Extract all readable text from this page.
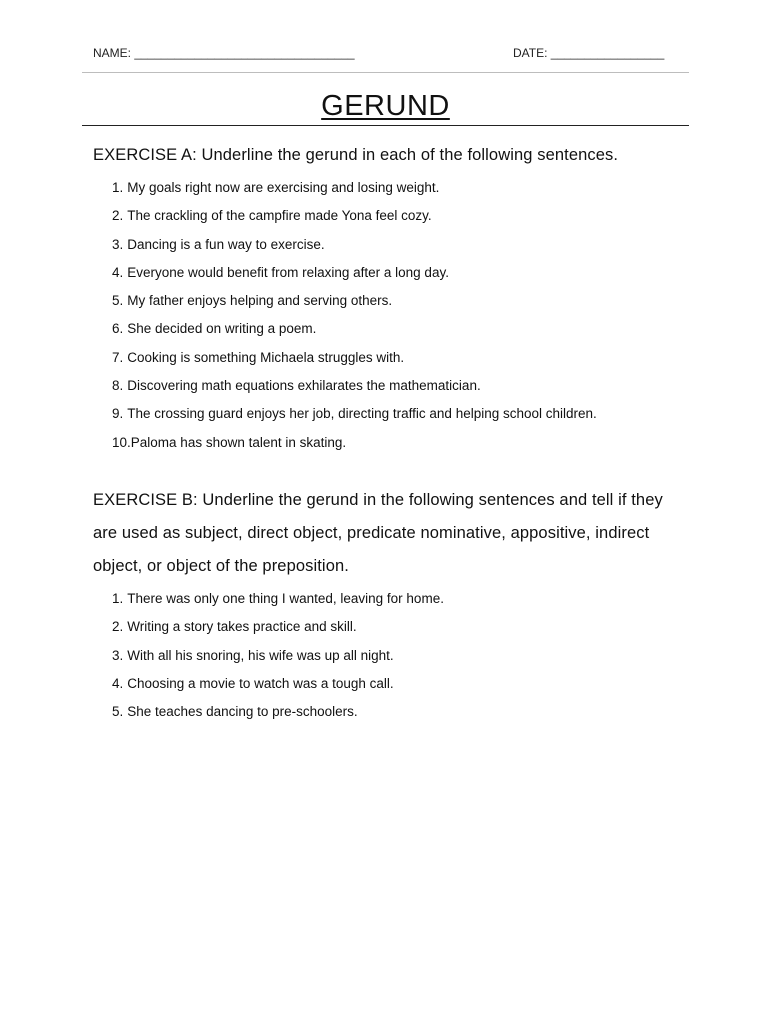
NAME: _________________________________	DATE: _________________
GERUND
EXERCISE A: Underline the gerund in each of the following sentences.
1. My goals right now are exercising and losing weight.
2. The crackling of the campfire made Yona feel cozy.
3. Dancing is a fun way to exercise.
4. Everyone would benefit from relaxing after a long day.
5. My father enjoys helping and serving others.
6. She decided on writing a poem.
7. Cooking is something Michaela struggles with.
8. Discovering math equations exhilarates the mathematician.
9. The crossing guard enjoys her job, directing traffic and helping school children.
10.Paloma has shown talent in skating.
EXERCISE B: Underline the gerund in the following sentences and tell if they are used as subject, direct object, predicate nominative, appositive, indirect object, or object of the preposition.
1. There was only one thing I wanted, leaving for home.
2. Writing a story takes practice and skill.
3. With all his snoring, his wife was up all night.
4. Choosing a movie to watch was a tough call.
5. She teaches dancing to pre-schoolers.
